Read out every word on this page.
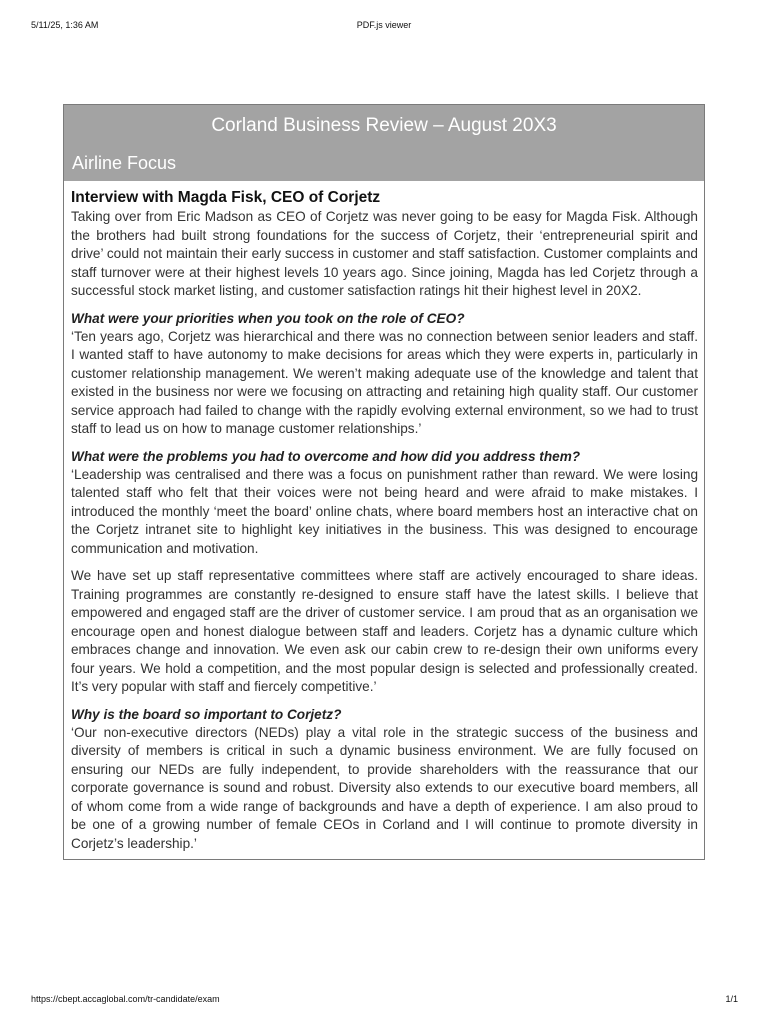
5/11/25, 1:36 AM	PDF.js viewer
Corland Business Review – August 20X3
Airline Focus

Interview with Magda Fisk, CEO of Corjetz

Taking over from Eric Madson as CEO of Corjetz was never going to be easy for Magda Fisk. Although the brothers had built strong foundations for the success of Corjetz, their ‘entrepreneurial spirit and drive’ could not maintain their early success in customer and staff satisfaction. Customer complaints and staff turnover were at their highest levels 10 years ago. Since joining, Magda has led Corjetz through a successful stock market listing, and customer satisfaction ratings hit their highest level in 20X2.

What were your priorities when you took on the role of CEO?

‘Ten years ago, Corjetz was hierarchical and there was no connection between senior leaders and staff. I wanted staff to have autonomy to make decisions for areas which they were experts in, particularly in customer relationship management. We weren’t making adequate use of the knowledge and talent that existed in the business nor were we focusing on attracting and retaining high quality staff. Our customer service approach had failed to change with the rapidly evolving external environment, so we had to trust staff to lead us on how to manage customer relationships.’

What were the problems you had to overcome and how did you address them?

‘Leadership was centralised and there was a focus on punishment rather than reward. We were losing talented staff who felt that their voices were not being heard and were afraid to make mistakes. I introduced the monthly ‘meet the board’ online chats, where board members host an interactive chat on the Corjetz intranet site to highlight key initiatives in the business. This was designed to encourage communication and motivation.

We have set up staff representative committees where staff are actively encouraged to share ideas. Training programmes are constantly re-designed to ensure staff have the latest skills. I believe that empowered and engaged staff are the driver of customer service. I am proud that as an organisation we encourage open and honest dialogue between staff and leaders. Corjetz has a dynamic culture which embraces change and innovation. We even ask our cabin crew to re-design their own uniforms every four years. We hold a competition, and the most popular design is selected and professionally created. It’s very popular with staff and fiercely competitive.’

Why is the board so important to Corjetz?

‘Our non-executive directors (NEDs) play a vital role in the strategic success of the business and diversity of members is critical in such a dynamic business environment. We are fully focused on ensuring our NEDs are fully independent, to provide shareholders with the reassurance that our corporate governance is sound and robust. Diversity also extends to our executive board members, all of whom come from a wide range of backgrounds and have a depth of experience. I am also proud to be one of a growing number of female CEOs in Corland and I will continue to promote diversity in Corjetz’s leadership.’

https://cbept.accaglobal.com/tr-candidate/exam	1/1
